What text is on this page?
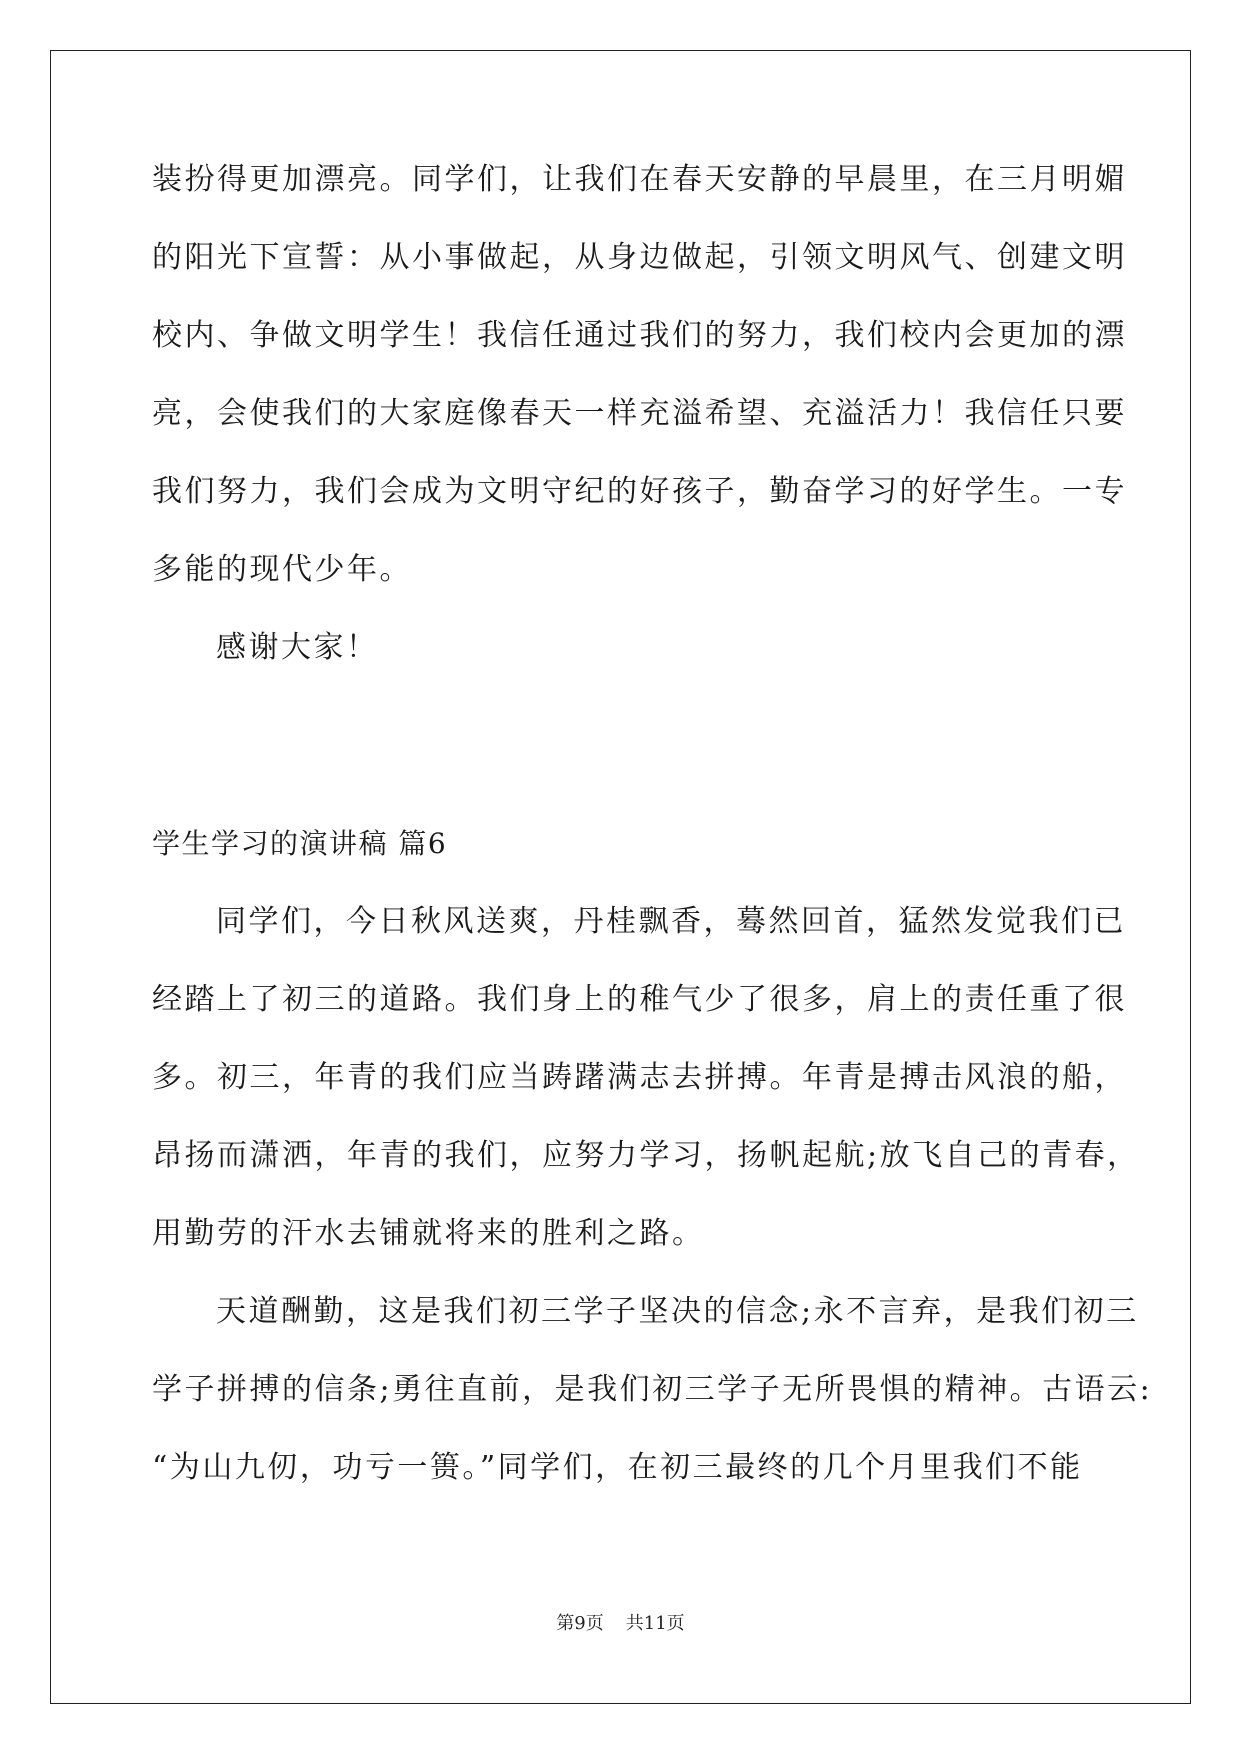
装扮得更加漂亮。同学们，让我们在春天安静的早晨里，在三月明媚
的阳光下宣誓：从小事做起，从身边做起，引领文明风气、创建文明
校内、争做文明学生！我信任通过我们的努力，我们校内会更加的漂
亮，会使我们的大家庭像春天一样充溢希望、充溢活力！我信任只要
我们努力，我们会成为文明守纪的好孩子，勤奋学习的好学生。一专
多能的现代少年。
感谢大家！
学生学习的演讲稿 篇6
同学们，今日秋风送爽，丹桂飘香，蓦然回首，猛然发觉我们已
经踏上了初三的道路。我们身上的稚气少了很多，肩上的责任重了很
多。初三，年青的我们应当踌躇满志去拼搏。年青是搏击风浪的船，
昂扬而潇洒，年青的我们，应努力学习，扬帆起航;放飞自己的青春，
用勤劳的汗水去铺就将来的胜利之路。
天道酬勤，这是我们初三学子坚决的信念;永不言弃，是我们初三
学子拼搏的信条;勇往直前，是我们初三学子无所畏惧的精神。古语云:
“为山九仞，功亏一篑。”同学们，在初三最终的几个月里我们不能
第9页 共11页
